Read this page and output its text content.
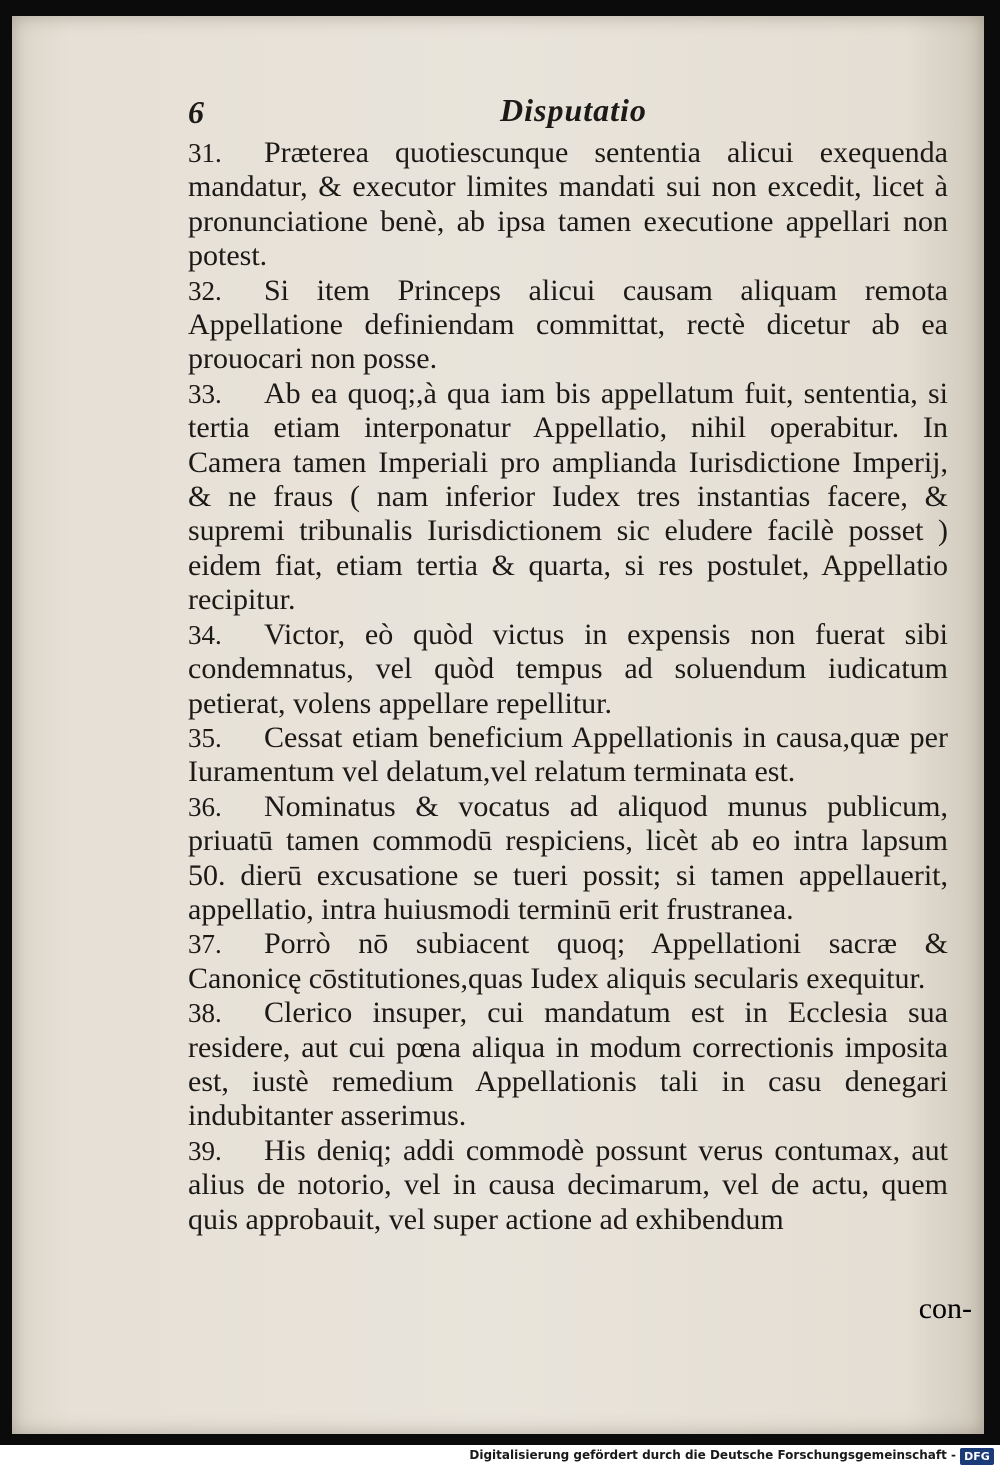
6	Disputatio

31. Præterea quotiescunque sententia alicui exequenda mandatur, & executor limites mandati sui non excedit, licet à pronunciatione benè, ab ipsa tamen executione appellari non potest.

32. Si item Princeps alicui causam aliquam remota Appellatione definiendam committat, rectè dicetur ab ea prouocari non posse.

33. Ab ea quoq;,à qua iam bis appellatum fuit, sententia, si tertia etiam interponatur Appellatio, nihil operabitur. In Camera tamen Imperiali pro amplianda Iurisdictione Imperij, & ne fraus ( nam inferior Iudex tres instantias facere, & supremi tribunalis Iurisdictionem sic eludere facilè posset ) eidem fiat, etiam tertia & quarta, si res postulet, Appellatio recipitur.

34. Victor, eò quòd victus in expensis non fuerat sibi condemnatus, vel quòd tempus ad soluendum iudicatum petierat, volens appellare repellitur.

35. Cessat etiam beneficium Appellationis in causa,quæ per Iuramentum vel delatum,vel relatum terminata est.

36. Nominatus & vocatus ad aliquod munus publicum, priuatū tamen commodū respiciens, licèt ab eo intra lapsum 50. dierū excusatione se tueri possit; si tamen appellauerit, appellatio, intra huiusmodi terminū erit frustranea.

37. Porrò nō subiacent quoq; Appellationi sacræ & Canonicę cōstitutiones,quas Iudex aliquis secularis exequitur.

38. Clerico insuper, cui mandatum est in Ecclesia sua residere, aut cui pœna aliqua in modum correctionis imposita est, iustè remedium Appellationis tali in casu denegari indubitanter asserimus.

39. His deniq; addi commodè possunt verus contumax, aut alius de notorio, vel in causa decimarum, vel de actu, quem quis approbauit, vel super actione ad exhibendum

con-
Digitalisierung gefördert durch die Deutsche Forschungsgemeinschaft - DFG
